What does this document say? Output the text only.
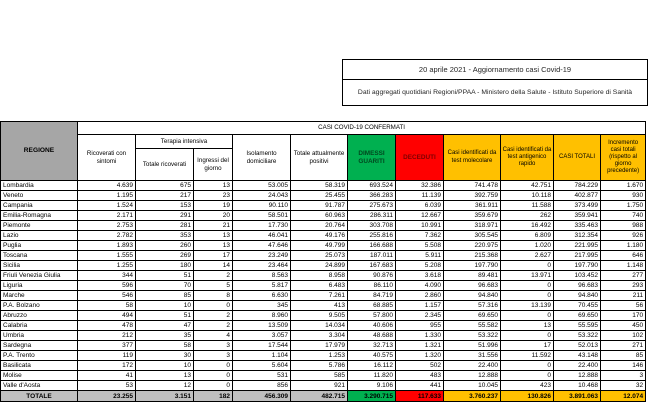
20 aprile 2021 - Aggiornamento casi Covid-19
Dati aggregati quotidiani Regioni/PPAA - Ministero della Salute - Istituto Superiore di Sanità
REGIONE	CASI COVID-19 CONFERMATI										
	Ricoverati con sintomi	Terapia intensiva		Isolamento domiciliare	Totale attualmente positivi	DIMESSI GUARITI	DECEDUTI	Casi identificati da test molecolare	Casi identificati da test antigenico rapido	CASI TOTALI	Incremento casi totali (rispetto al giorno precedente)
		Totale ricoverati	Ingressi del giorno								
Lombardia	4.639	675	13	53.005	58.319	693.524	32.386	741.478	42.751	784.229	1.670
Veneto	1.195	217	23	24.043	25.455	366.283	11.139	392.759	10.118	402.877	930
Campania	1.524	153	19	90.110	91.787	275.673	6.039	361.911	11.588	373.499	1.750
Emilia-Romagna	2.171	291	20	58.501	60.963	286.311	12.667	359.679	262	359.941	740
Piemonte	2.753	281	21	17.730	20.764	303.708	10.991	318.971	16.492	335.463	988
Lazio	2.782	353	13	46.041	49.176	255.816	7.362	305.545	6.809	312.354	926
Puglia	1.893	260	13	47.646	49.799	166.688	5.508	220.975	1.020	221.995	1.180
Toscana	1.555	269	17	23.249	25.073	187.011	5.911	215.368	2.627	217.995	646
Sicilia	1.255	180	14	23.464	24.899	167.683	5.208	197.790	0	197.790	1.148
Friuli Venezia Giulia	344	51	2	8.563	8.958	90.876	3.618	89.481	13.971	103.452	277
Liguria	596	70	5	5.817	6.483	86.110	4.090	96.683	0	96.683	293
Marche	546	85	8	6.630	7.261	84.719	2.860	94.840	0	94.840	211
P.A. Bolzano	58	10	0	345	413	68.885	1.157	57.316	13.139	70.455	56
Abruzzo	494	51	2	8.960	9.505	57.800	2.345	69.650	0	69.650	170
Calabria	478	47	2	13.509	14.034	40.606	955	55.582	13	55.595	450
Umbria	212	35	4	3.057	3.304	48.688	1.330	53.322	0	53.322	102
Sardegna	377	58	3	17.544	17.979	32.713	1.321	51.996	17	52.013	271
P.A. Trento	119	30	3	1.104	1.253	40.575	1.320	31.556	11.592	43.148	85
Basilicata	172	10	0	5.604	5.786	16.112	502	22.400	0	22.400	146
Molise	41	13	0	531	585	11.820	483	12.888	0	12.888	3
Valle d'Aosta	53	12	0	856	921	9.106	441	10.045	423	10.468	32
TOTALE	23.255	3.151	182	456.309	482.715	3.290.715	117.633	3.760.237	130.826	3.891.063	12.074
